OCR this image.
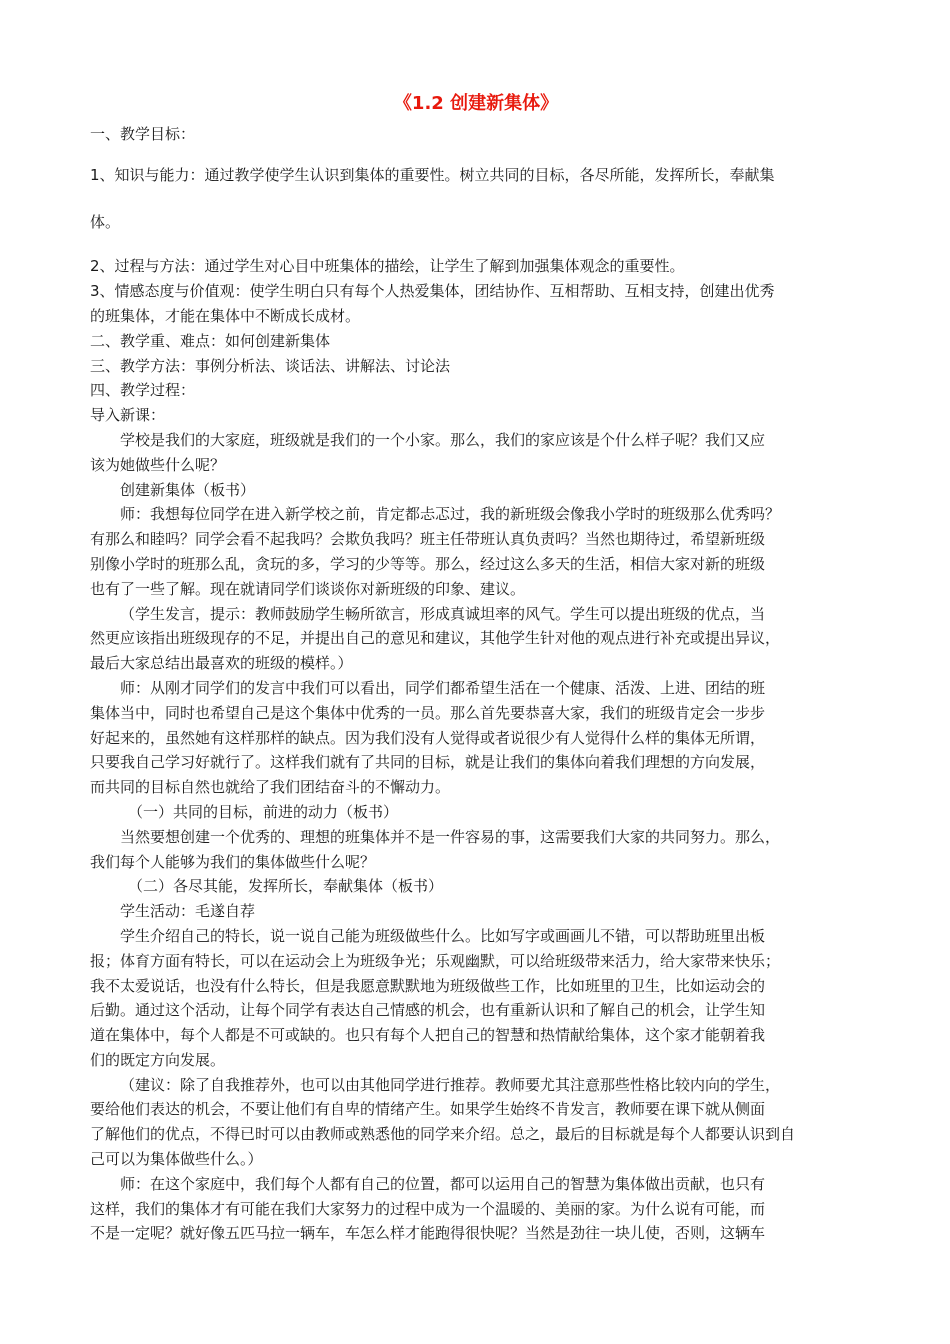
《1.2 创建新集体》

一、教学目标：

1、知识与能力：通过教学使学生认识到集体的重要性。树立共同的目标，各尽所能，发挥所长，奉献集

体。

2、过程与方法：通过学生对心目中班集体的描绘，让学生了解到加强集体观念的重要性。

3、情感态度与价值观：使学生明白只有每个人热爱集体，团结协作、互相帮助、互相支持，创建出优秀

的班集体，才能在集体中不断成长成材。

二、教学重、难点：如何创建新集体

三、教学方法：事例分析法、谈话法、讲解法、讨论法

四、教学过程：

导入新课：

学校是我们的大家庭，班级就是我们的一个小家。那么，我们的家应该是个什么样子呢？我们又应

该为她做些什么呢？

创建新集体（板书）

师：我想每位同学在进入新学校之前，肯定都忐忑过，我的新班级会像我小学时的班级那么优秀吗？

有那么和睦吗？同学会看不起我吗？会欺负我吗？班主任带班认真负责吗？当然也期待过，希望新班级

别像小学时的班那么乱，贪玩的多，学习的少等等。那么，经过这么多天的生活，相信大家对新的班级

也有了一些了解。现在就请同学们谈谈你对新班级的印象、建议。

（学生发言，提示：教师鼓励学生畅所欲言，形成真诚坦率的风气。学生可以提出班级的优点，当

然更应该指出班级现存的不足，并提出自己的意见和建议，其他学生针对他的观点进行补充或提出异议，

最后大家总结出最喜欢的班级的模样。）

师：从刚才同学们的发言中我们可以看出，同学们都希望生活在一个健康、活泼、上进、团结的班

集体当中，同时也希望自己是这个集体中优秀的一员。那么首先要恭喜大家，我们的班级肯定会一步步

好起来的，虽然她有这样那样的缺点。因为我们没有人觉得或者说很少有人觉得什么样的集体无所谓，

只要我自己学习好就行了。这样我们就有了共同的目标，就是让我们的集体向着我们理想的方向发展，

而共同的目标自然也就给了我们团结奋斗的不懈动力。

（一）共同的目标，前进的动力（板书）

当然要想创建一个优秀的、理想的班集体并不是一件容易的事，这需要我们大家的共同努力。那么，

我们每个人能够为我们的集体做些什么呢？

（二）各尽其能，发挥所长，奉献集体（板书）

学生活动：毛遂自荐

学生介绍自己的特长，说一说自己能为班级做些什么。比如写字或画画儿不错，可以帮助班里出板

报；体育方面有特长，可以在运动会上为班级争光；乐观幽默，可以给班级带来活力，给大家带来快乐；

我不太爱说话，也没有什么特长，但是我愿意默默地为班级做些工作，比如班里的卫生，比如运动会的

后勤。通过这个活动，让每个同学有表达自己情感的机会，也有重新认识和了解自己的机会，让学生知

道在集体中，每个人都是不可或缺的。也只有每个人把自己的智慧和热情献给集体，这个家才能朝着我

们的既定方向发展。

（建议：除了自我推荐外，也可以由其他同学进行推荐。教师要尤其注意那些性格比较内向的学生，

要给他们表达的机会，不要让他们有自卑的情绪产生。如果学生始终不肯发言，教师要在课下就从侧面

了解他们的优点，不得已时可以由教师或熟悉他的同学来介绍。总之，最后的目标就是每个人都要认识到自

己可以为集体做些什么。）

师：在这个家庭中，我们每个人都有自己的位置，都可以运用自己的智慧为集体做出贡献，也只有

这样，我们的集体才有可能在我们大家努力的过程中成为一个温暖的、美丽的家。为什么说有可能，而

不是一定呢？就好像五匹马拉一辆车，车怎么样才能跑得很快呢？当然是劲往一块儿使，否则，这辆车
